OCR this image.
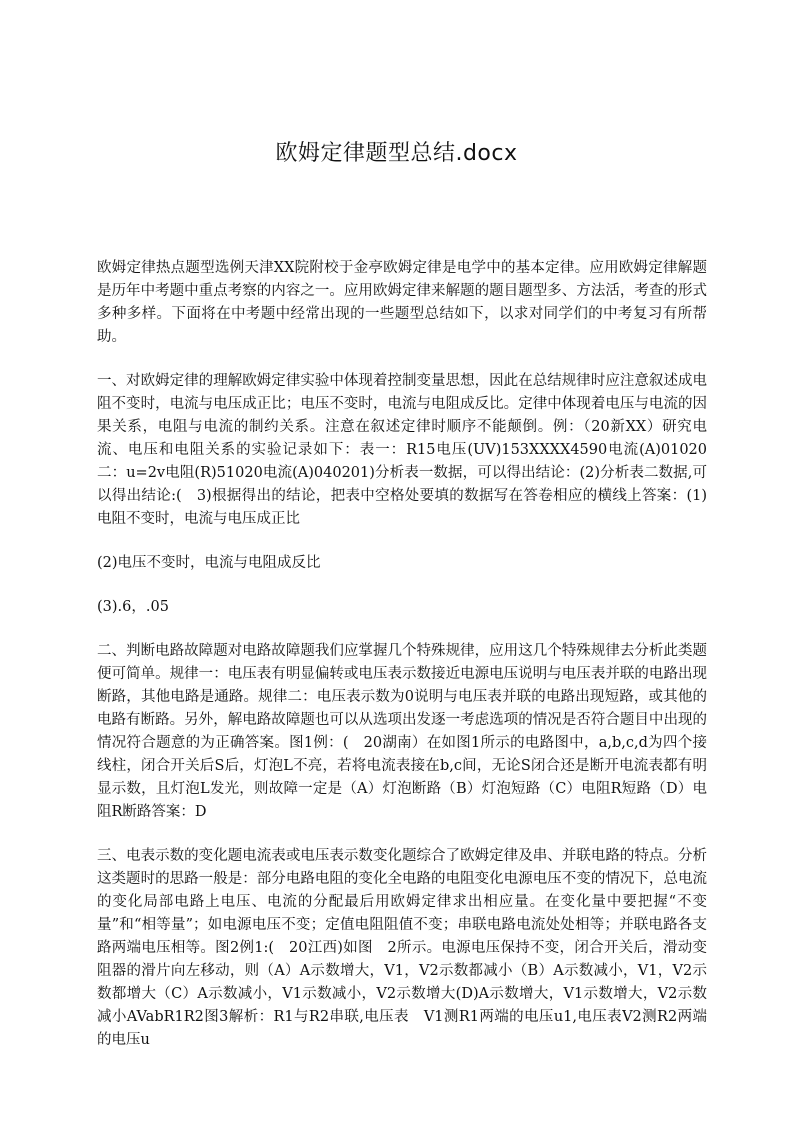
欧姆定律题型总结.docx

欧姆定律热点题型选例天津XX院附校于金亭欧姆定律是电学中的基本定律。应用欧姆定律解题是历年中考题中重点考察的内容之一。应用欧姆定律来解题的题目题型多、方法活，考查的形式多种多样。下面将在中考题中经常出现的一些题型总结如下，以求对同学们的中考复习有所帮助。

一、对欧姆定律的理解欧姆定律实验中体现着控制变量思想，因此在总结规律时应注意叙述成电阻不变时，电流与电压成正比；电压不变时，电流与电阻成反比。定律中体现着电压与电流的因果关系，电阻与电流的制约关系。注意在叙述定律时顺序不能颠倒。例：（20新XX）研究电流、电压和电阻关系的实验记录如下：表一：R15电压(UV)153XXXX4590电流(A)01020二：u=2v电阻(R)51020电流(A)040201)分析表一数据，可以得出结论：(2)分析表二数据,可以得出结论:(　3)根据得出的结论，把表中空格处要填的数据写在答卷相应的横线上答案：(1)电阻不变时，电流与电压成正比

(2)电压不变时，电流与电阻成反比

(3).6，.05

二、判断电路故障题对电路故障题我们应掌握几个特殊规律，应用这几个特殊规律去分析此类题便可简单。规律一：电压表有明显偏转或电压表示数接近电源电压说明与电压表并联的电路出现断路，其他电路是通路。规律二：电压表示数为0说明与电压表并联的电路出现短路，或其他的电路有断路。另外，解电路故障题也可以从选项出发逐一考虑选项的情况是否符合题目中出现的情况符合题意的为正确答案。图1例：(　20湖南）在如图1所示的电路图中，a,b,c,d为四个接线柱，闭合开关后S后，灯泡L不亮，若将电流表接在b,c间，无论S闭合还是断开电流表都有明显示数，且灯泡L发光，则故障一定是（A）灯泡断路（B）灯泡短路（C）电阻R短路（D）电阻R断路答案：D

三、电表示数的变化题电流表或电压表示数变化题综合了欧姆定律及串、并联电路的特点。分析这类题时的思路一般是：部分电路电阻的变化全电路的电阻变化电源电压不变的情况下，总电流的变化局部电路上电压、电流的分配最后用欧姆定律求出相应量。在变化量中要把握“不变量”和“相等量”；如电源电压不变；定值电阻阻值不变；串联电路电流处处相等；并联电路各支路两端电压相等。图2例1:(　20江西)如图　2所示。电源电压保持不变，闭合开关后，滑动变阻器的滑片向左移动，则（A）A示数增大，V1，V2示数都减小（B）A示数减小，V1，V2示数都增大（C）A示数减小，V1示数减小，V2示数增大(D)A示数增大，V1示数增大，V2示数减小AVabR1R2图3解析：R1与R2串联,电压表　V1测R1两端的电压u1,电压表V2测R2两端的电压u
